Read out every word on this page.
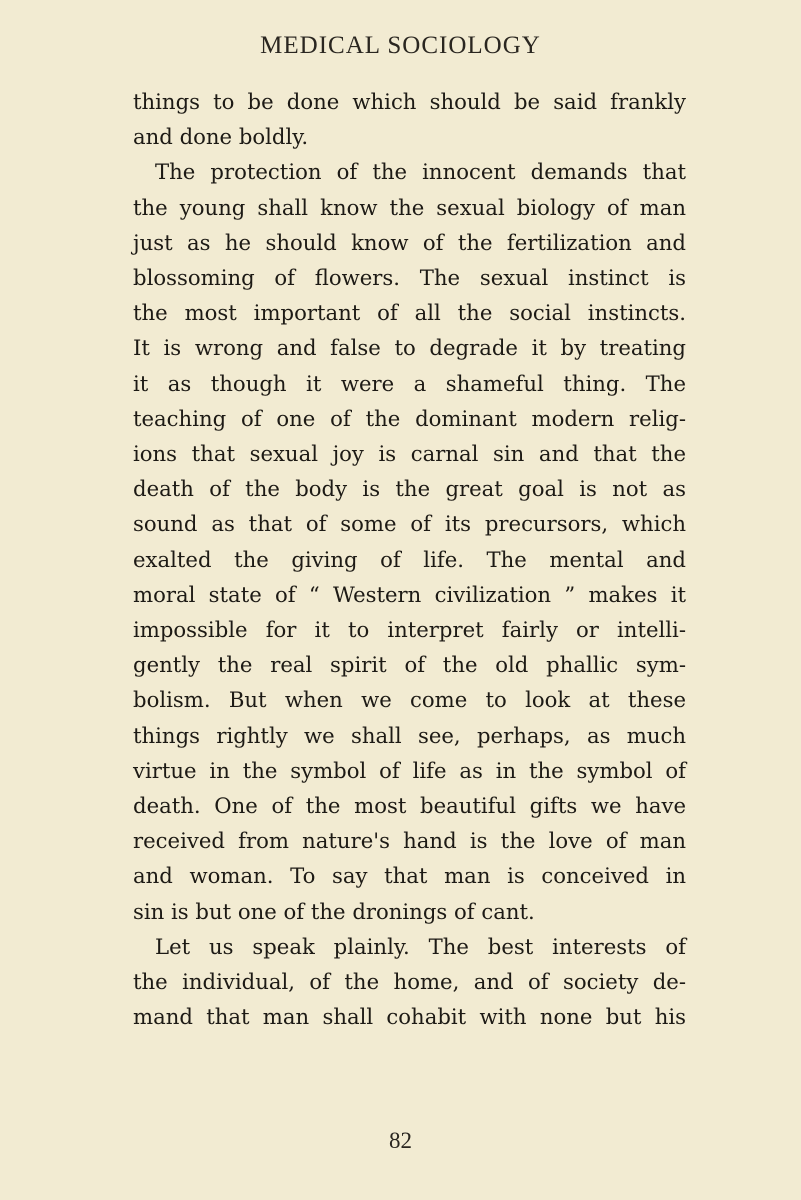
MEDICAL SOCIOLOGY
things to be done which should be said frankly
and done boldly.
The protection of the innocent demands that
the young shall know the sexual biology of man
just as he should know of the fertilization and
blossoming of flowers. The sexual instinct is
the most important of all the social instincts.
It is wrong and false to degrade it by treating
it as though it were a shameful thing. The
teaching of one of the dominant modern relig-
ions that sexual joy is carnal sin and that the
death of the body is the great goal is not as
sound as that of some of its precursors, which
exalted the giving of life. The mental and
moral state of “ Western civilization ” makes it
impossible for it to interpret fairly or intelli-
gently the real spirit of the old phallic sym-
bolism. But when we come to look at these
things rightly we shall see, perhaps, as much
virtue in the symbol of life as in the symbol of
death. One of the most beautiful gifts we have
received from nature's hand is the love of man
and woman. To say that man is conceived in
sin is but one of the dronings of cant.
Let us speak plainly. The best interests of
the individual, of the home, and of society de-
mand that man shall cohabit with none but his
82
